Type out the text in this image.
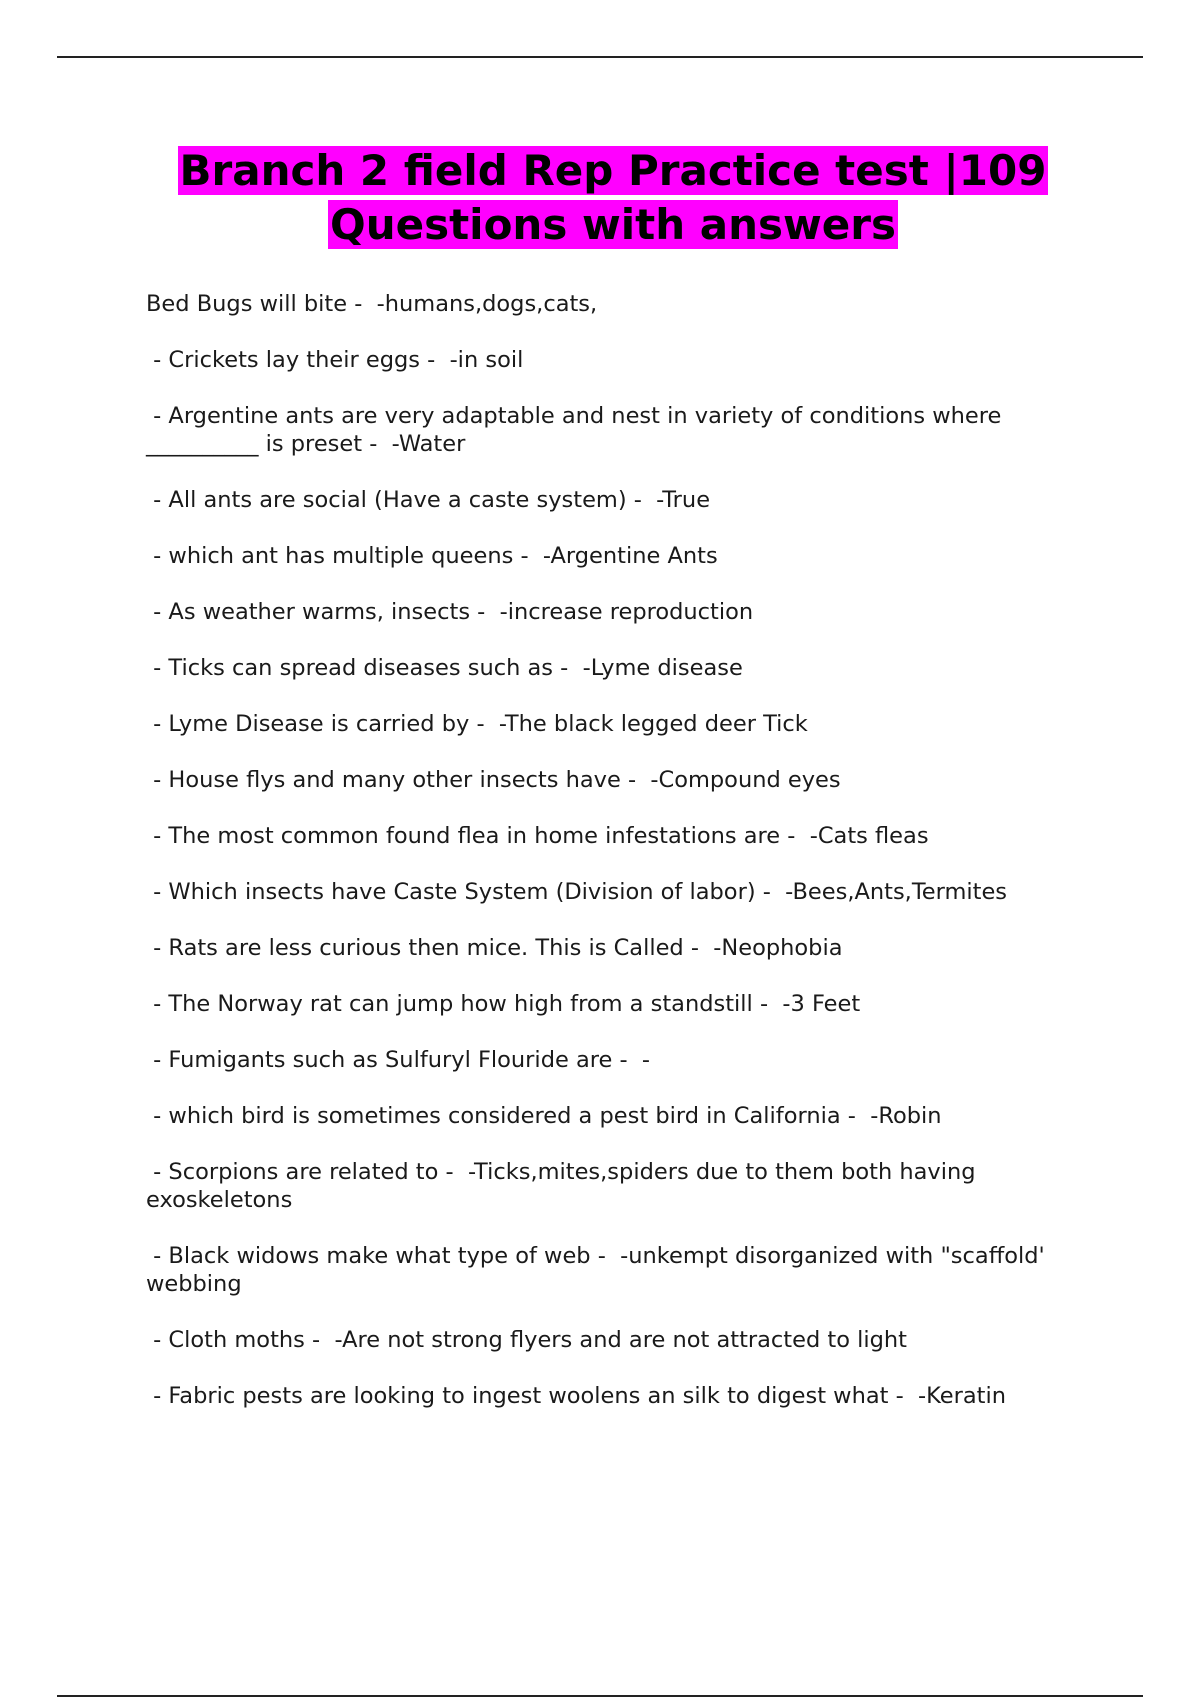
Branch 2 field Rep Practice test |109
Questions with answers
Bed Bugs will bite -  -humans,dogs,cats,
- Crickets lay their eggs -  -in soil
- Argentine ants are very adaptable and nest in variety of conditions where __________ is preset -  -Water
- All ants are social (Have a caste system) -  -True
- which ant has multiple queens -  -Argentine Ants
- As weather warms, insects -  -increase reproduction
- Ticks can spread diseases such as -  -Lyme disease
- Lyme Disease is carried by -  -The black legged deer Tick
- House flys and many other insects have -  -Compound eyes
- The most common found flea in home infestations are -  -Cats fleas
- Which insects have Caste System (Division of labor) -  -Bees,Ants,Termites
- Rats are less curious then mice. This is Called -  -Neophobia
- The Norway rat can jump how high from a standstill -  -3 Feet
- Fumigants such as Sulfuryl Flouride are -  -
- which bird is sometimes considered a pest bird in California -  -Robin
- Scorpions are related to -  -Ticks,mites,spiders due to them both having exoskeletons
- Black widows make what type of web -  -unkempt disorganized with "scaffold' webbing
- Cloth moths -  -Are not strong flyers and are not attracted to light
- Fabric pests are looking to ingest woolens an silk to digest what -  -Keratin
